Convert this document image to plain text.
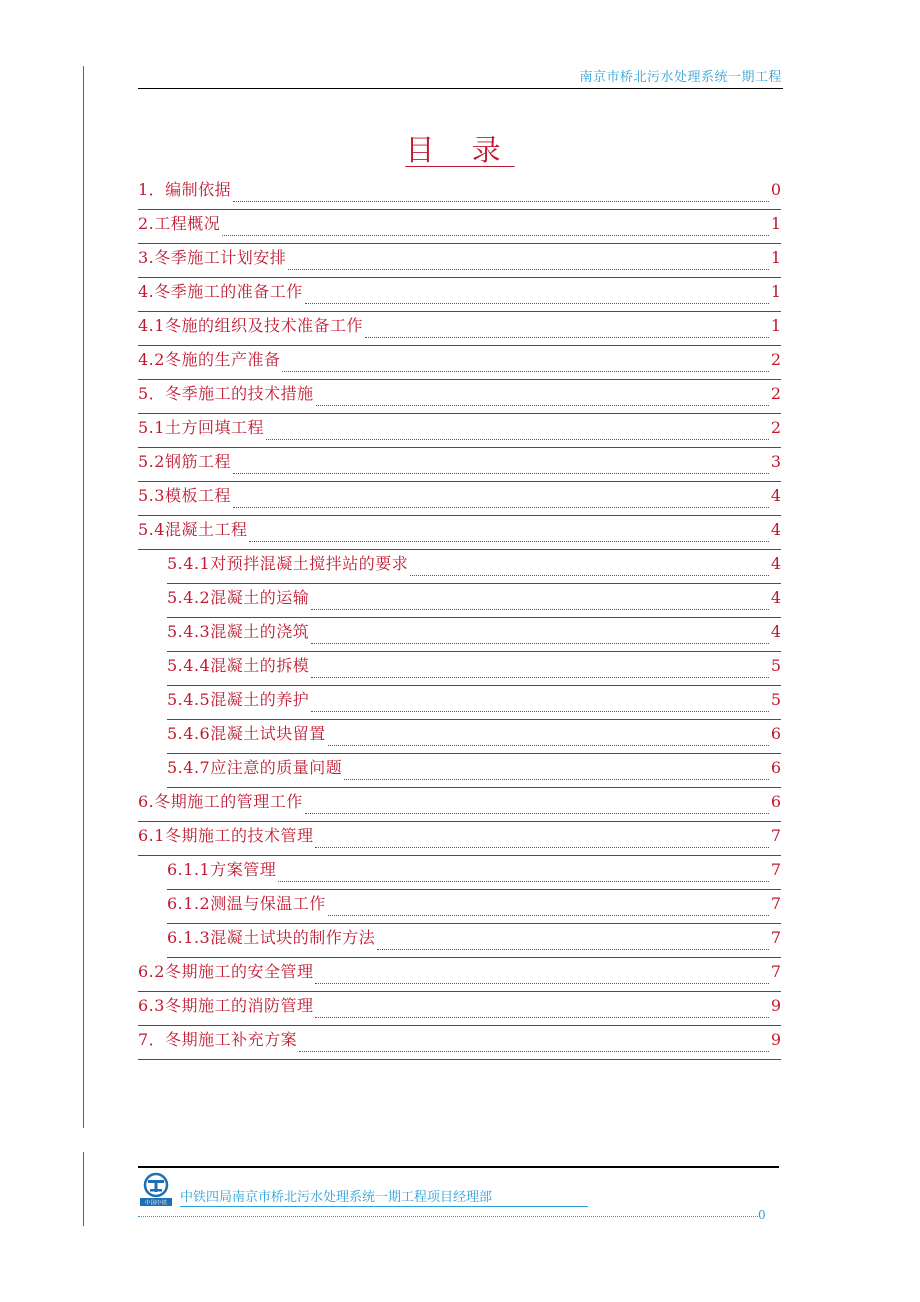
南京市桥北污水处理系统一期工程
目 录
1．编制依据	0
2.工程概况	1
3.冬季施工计划安排	1
4.冬季施工的准备工作	1
4.1冬施的组织及技术准备工作	1
4.2冬施的生产准备	2
5．冬季施工的技术措施	2
5.1土方回填工程	2
5.2钢筋工程	3
5.3模板工程	4
5.4混凝土工程	4
5.4.1对预拌混凝土搅拌站的要求	4
5.4.2混凝土的运输	4
5.4.3混凝土的浇筑	4
5.4.4混凝土的拆模	5
5.4.5混凝土的养护	5
5.4.6混凝土试块留置	6
5.4.7应注意的质量问题	6
6.冬期施工的管理工作	6
6.1冬期施工的技术管理	7
6.1.1方案管理	7
6.1.2测温与保温工作	7
6.1.3混凝土试块的制作方法	7
6.2冬期施工的安全管理	7
6.3冬期施工的消防管理	9
7．冬期施工补充方案	9
中国中铁 中铁四局南京市桥北污水处理系统一期工程项目经理部
0
